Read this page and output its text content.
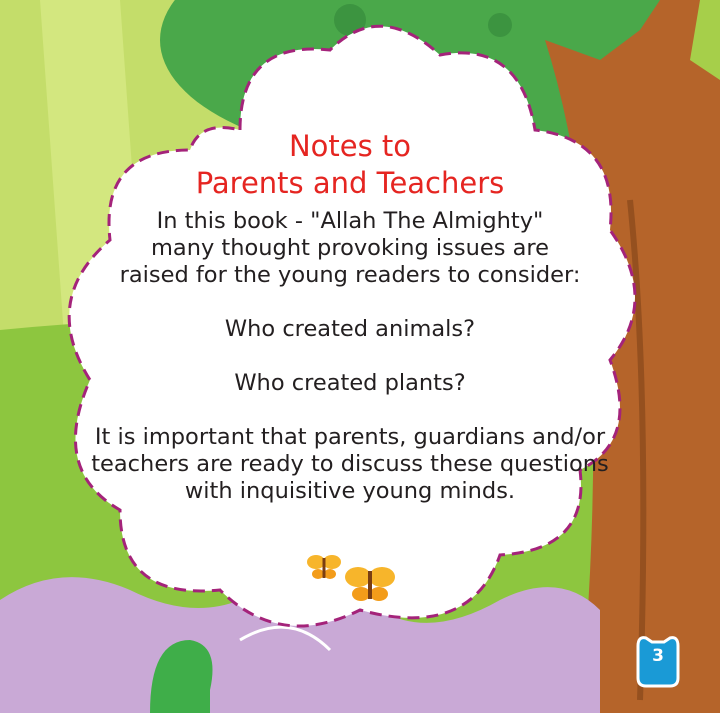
Notes to
Parents and Teachers

In this book - "Allah The Almighty"
many thought provoking issues are
raised for the young readers to consider:

Who created animals?

Who created plants?

It is important that parents, guardians and/or
teachers are ready to discuss these questions
with inquisitive young minds.

3
